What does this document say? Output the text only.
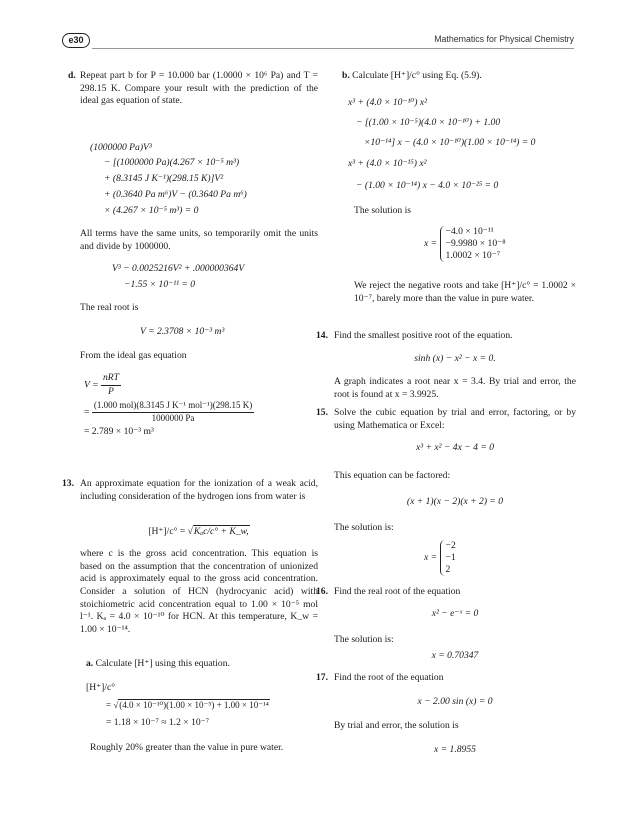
e30	Mathematics for Physical Chemistry
d. Repeat part b for P = 10.000 bar (1.0000 × 10⁶ Pa) and T = 298.15 K. Compare your result with the prediction of the ideal gas equation of state.
(1000000 Pa)V³
− [(1000000 Pa)(4.267 × 10⁻⁵ m³)
+ (8.3145 J K⁻¹)(298.15 K)]V²
+ (0.3640 Pa m⁶)V − (0.3640 Pa m⁶)
× (4.267 × 10⁻⁵ m³) = 0
All terms have the same units, so temporarily omit the units and divide by 1000000.
V³ − 0.0025216V² + .000000364V
−1.55 × 10⁻¹¹ = 0
The real root is
V = 2.3708 × 10⁻³ m³
From the ideal gas equation
$V = \frac{\text{nRT}}{P}$
= $\frac{\text{(1.000 mol)(8.3145 J K⁻¹ mol⁻¹)(298.15 K)}}{1000000 Pa}$
= 2.789 × 10⁻³ m³
13. An approximate equation for the ionization of a weak acid, including consideration of the hydrogen ions from water is
[H⁺]/c° = √Kₐc/c° + K_w,
where c is the gross acid concentration. This equation is based on the assumption that the concentration of unionized acid is approximately equal to the gross acid concentration. Consider a solution of HCN (hydrocyanic acid) with stoichiometric acid concentration equal to 1.00 × 10⁻⁵ mol l⁻¹. Kₐ = 4.0 × 10⁻¹⁰ for HCN. At this temperature, K_w = 1.00 × 10⁻¹⁴.
a. Calculate [H⁺] using this equation.
[H⁺]/c°
= √(4.0 × 10⁻¹⁰)(1.00 × 10⁻⁵) + 1.00 × 10⁻¹⁴
= 1.18 × 10⁻⁷ ≈ 1.2 × 10⁻⁷
Roughly 20% greater than the value in pure water.
b. Calculate [H⁺]/c° using Eq. (5.9).
x³ + (4.0 × 10⁻¹⁰) x²
− [(1.00 × 10⁻⁵)(4.0 × 10⁻¹⁰) + 1.00
×10⁻¹⁴] x − (4.0 × 10⁻¹⁰)(1.00 × 10⁻¹⁴) = 0
x³ + (4.0 × 10⁻¹⁵) x²
− (1.00 × 10⁻¹⁴) x − 4.0 × 10⁻²⁵ = 0
The solution is
x =
−4.0 × 10⁻¹¹
−9.9980 × 10⁻⁸
1.0002 × 10⁻⁷
We reject the negative roots and take [H⁺]/c° = 1.0002 × 10⁻⁷, barely more than the value in pure water.
14. Find the smallest positive root of the equation.
sinh (x) − x² − x = 0.
A graph indicates a root near x = 3.4. By trial and error, the root is found at x = 3.9925.
15. Solve the cubic equation by trial and error, factoring, or by using Mathematica or Excel:
x³ + x² − 4x − 4 = 0
This equation can be factored:
(x + 1)(x − 2)(x + 2) = 0
The solution is:
x =
−2
−1
2
16. Find the real root of the equation
x² − e⁻ˣ = 0
The solution is:
x = 0.70347
17. Find the root of the equation
x − 2.00 sin (x) = 0
By trial and error, the solution is
x = 1.8955
